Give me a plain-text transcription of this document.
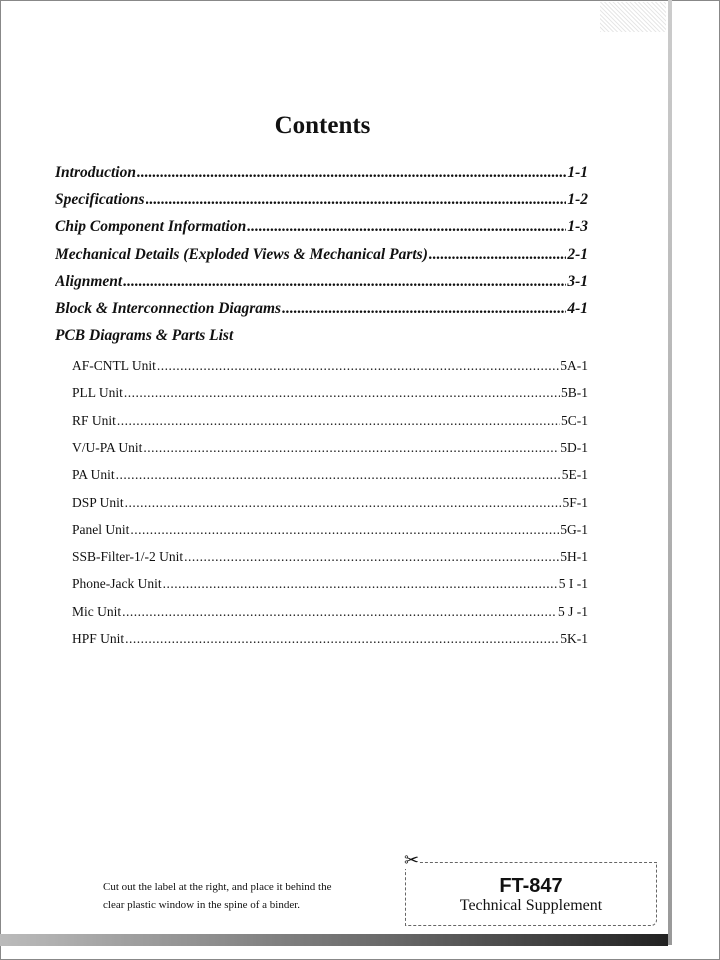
Contents
Introduction .....	1-1
Specifications .....	1-2
Chip Component Information .....	1-3
Mechanical Details (Exploded Views & Mechanical Parts) .....	2-1
Alignment .....	3-1
Block & Interconnection Diagrams .....	4-1
PCB Diagrams & Parts List
AF-CNTL Unit .....	5A-1
PLL Unit .....	5B-1
RF Unit .....	5C-1
V/U-PA Unit .....	5D-1
PA Unit .....	5E-1
DSP Unit .....	5F-1
Panel Unit .....	5G-1
SSB-Filter-1/-2 Unit .....	5H-1
Phone-Jack Unit .....	5 I -1
Mic Unit .....	5 J -1
HPF Unit .....	5K-1
Cut out the label at the right, and place it behind the
clear plastic window in the spine of a binder.
✂
FT-847
Technical Supplement
